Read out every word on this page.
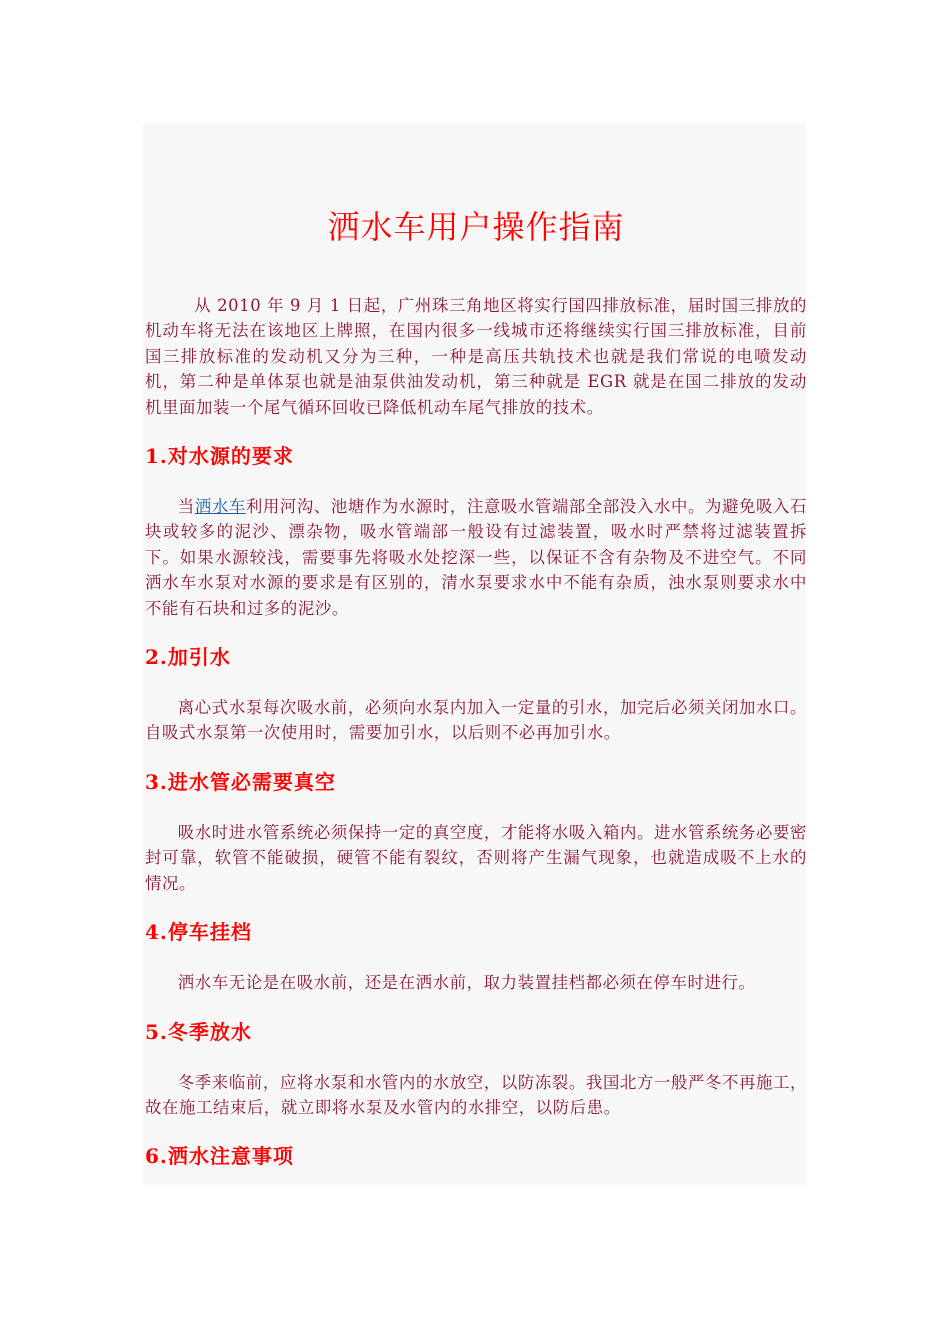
洒水车用户操作指南

从 2010 年 9 月 1 日起，广州珠三角地区将实行国四排放标准，届时国三排放的机动车将无法在该地区上牌照，在国内很多一线城市还将继续实行国三排放标准，目前国三排放标准的发动机又分为三种，一种是高压共轨技术也就是我们常说的电喷发动机，第二种是单体泵也就是油泵供油发动机，第三种就是 EGR 就是在国二排放的发动机里面加装一个尾气循环回收已降低机动车尾气排放的技术。

1.对水源的要求

当洒水车利用河沟、池塘作为水源时，注意吸水管端部全部没入水中。为避免吸入石块或较多的泥沙、漂杂物，吸水管端部一般设有过滤装置，吸水时严禁将过滤装置拆下。如果水源较浅，需要事先将吸水处挖深一些，以保证不含有杂物及不进空气。不同洒水车水泵对水源的要求是有区别的，清水泵要求水中不能有杂质，浊水泵则要求水中不能有石块和过多的泥沙。

2.加引水

离心式水泵每次吸水前，必须向水泵内加入一定量的引水，加完后必须关闭加水口。自吸式水泵第一次使用时，需要加引水，以后则不必再加引水。

3.进水管必需要真空

吸水时进水管系统必须保持一定的真空度，才能将水吸入箱内。进水管系统务必要密封可靠，软管不能破损，硬管不能有裂纹，否则将产生漏气现象，也就造成吸不上水的情况。

4.停车挂档

洒水车无论是在吸水前，还是在洒水前，取力装置挂档都必须在停车时进行。

5.冬季放水

冬季来临前，应将水泵和水管内的水放空，以防冻裂。我国北方一般严冬不再施工，故在施工结束后，就立即将水泵及水管内的水排空，以防后患。

6.洒水注意事项
